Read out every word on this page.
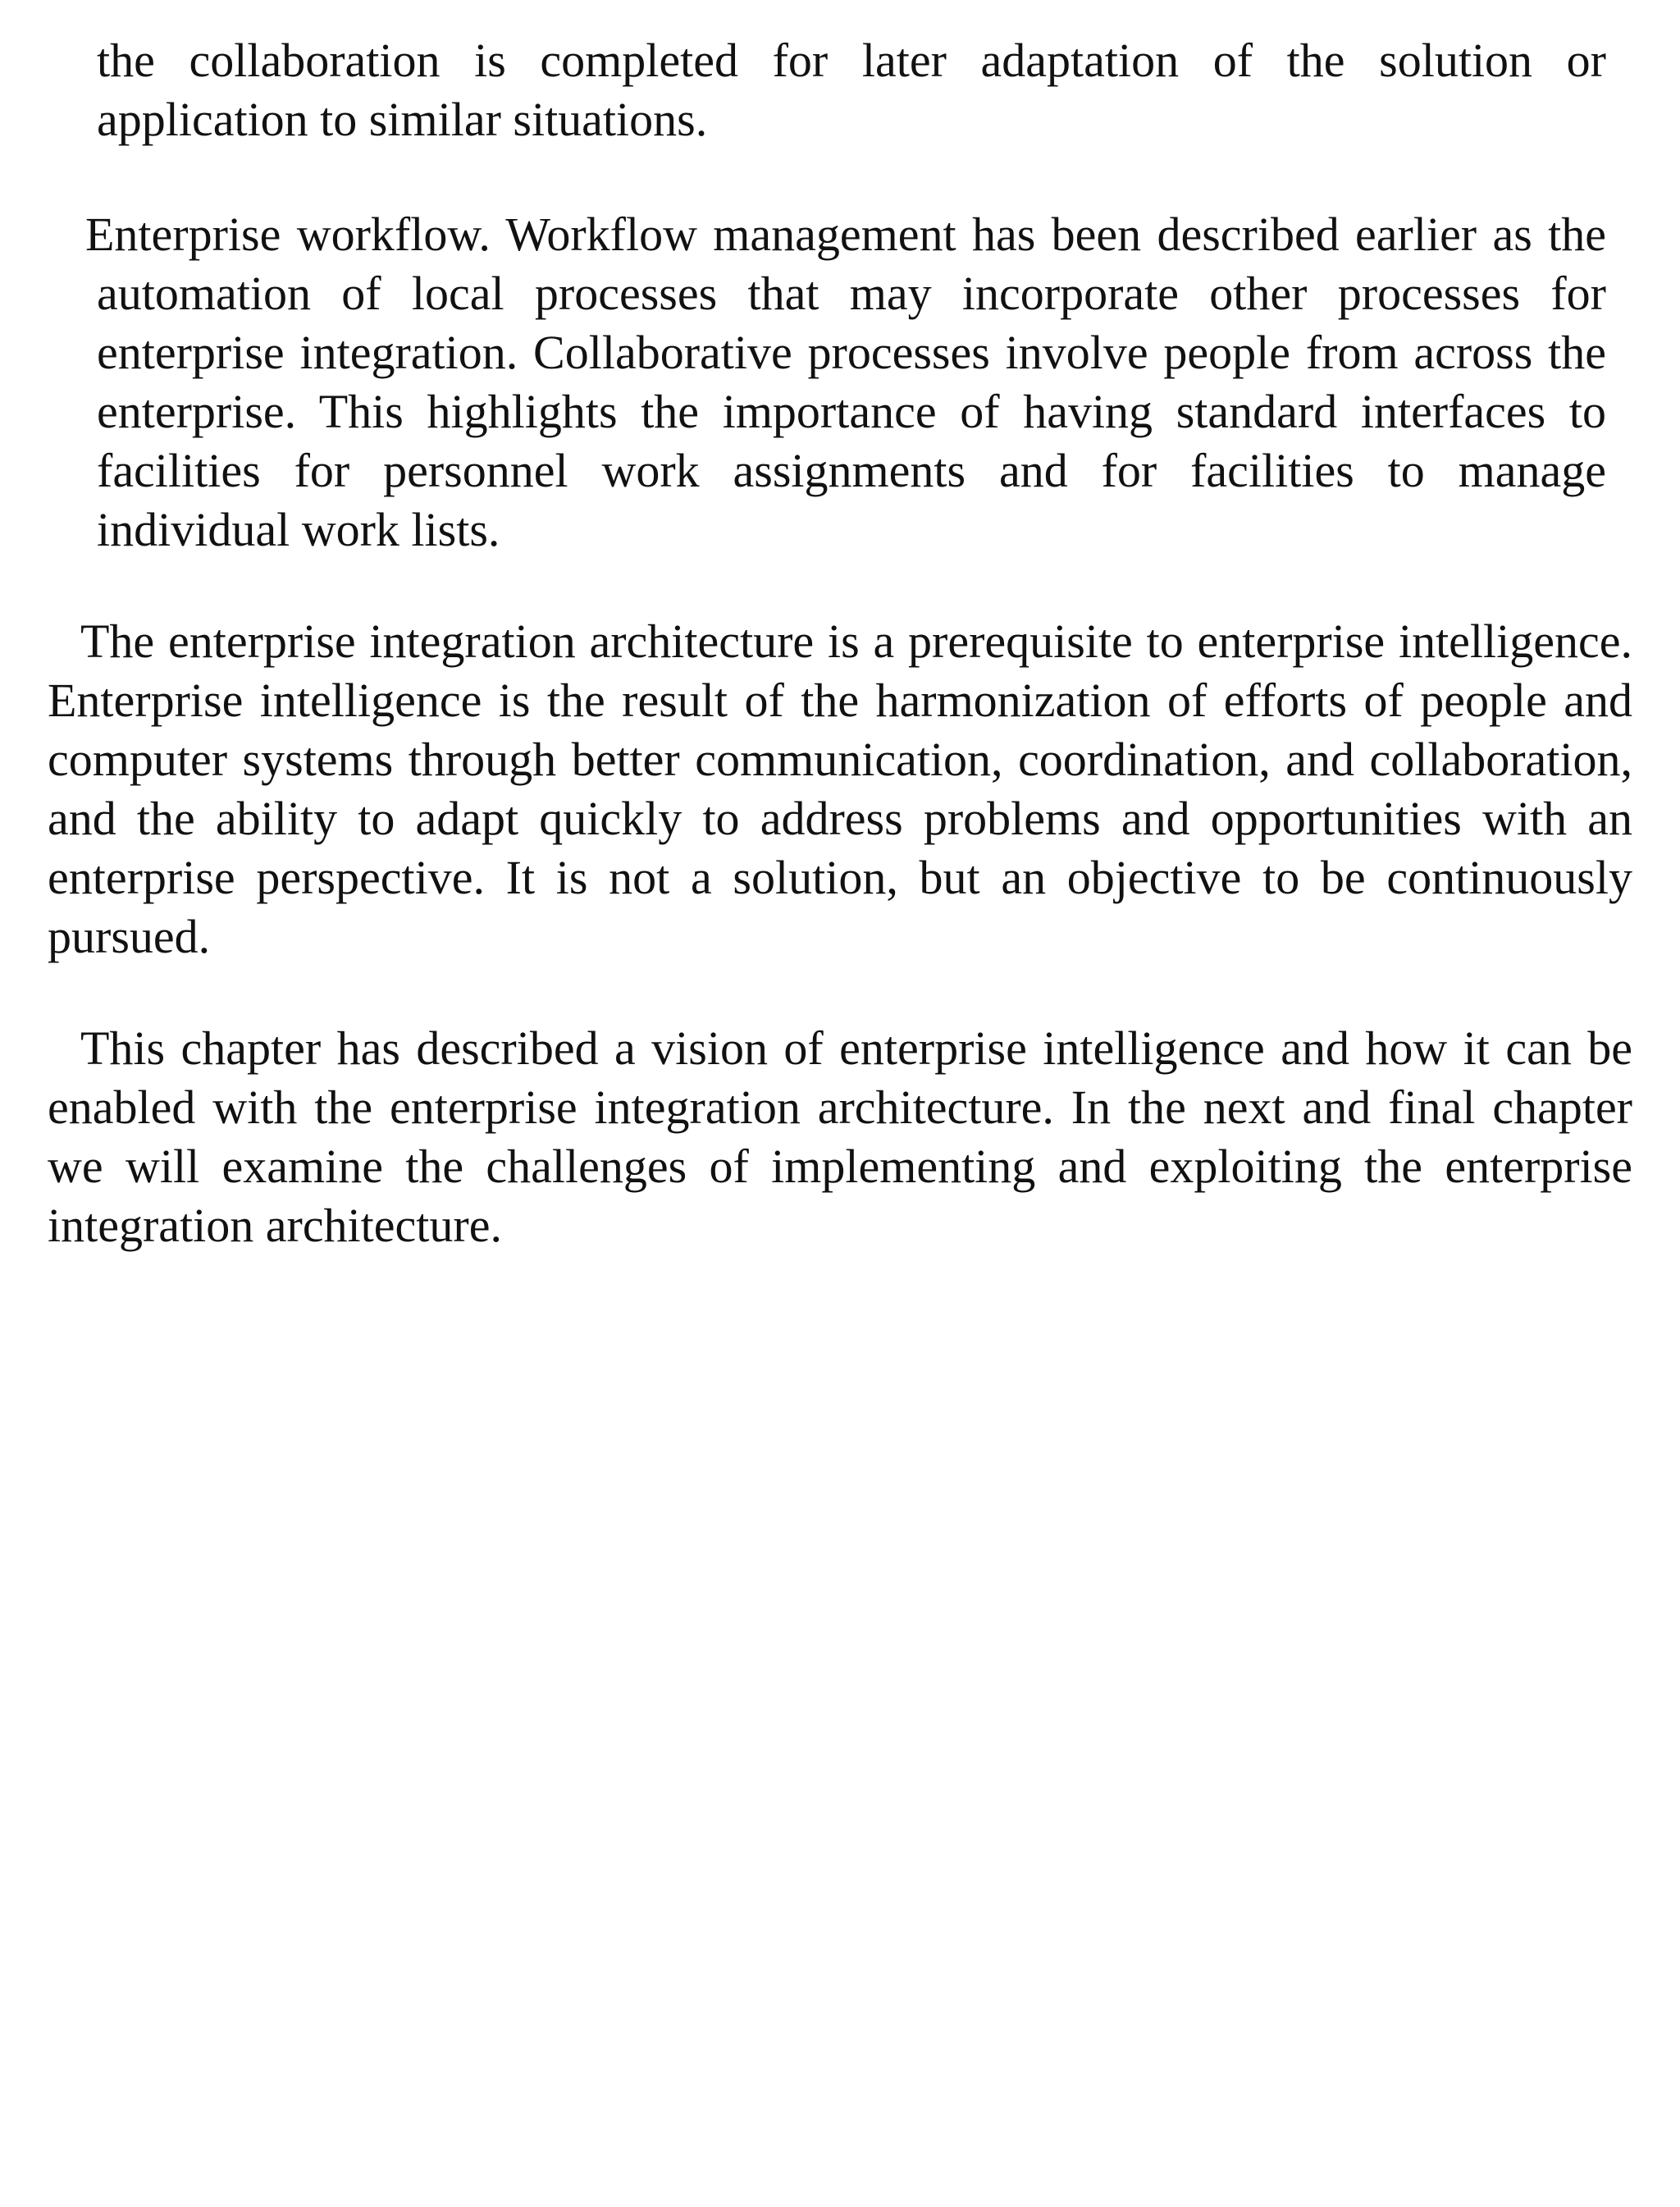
the collaboration is completed for later adaptation of the solution or application to similar situations.

Enterprise workflow. Workflow management has been described earlier as the automation of local processes that may incorporate other processes for enterprise integration. Collaborative processes involve people from across the enterprise. This highlights the importance of having standard interfaces to facilities for personnel work assignments and for facilities to manage individual work lists.

The enterprise integration architecture is a prerequisite to enterprise intelligence. Enterprise intelligence is the result of the harmonization of efforts of people and computer systems through better communication, coordination, and collaboration, and the ability to adapt quickly to address problems and opportunities with an enterprise perspective. It is not a solution, but an objective to be continuously pursued.

This chapter has described a vision of enterprise intelligence and how it can be enabled with the enterprise integration architecture. In the next and final chapter we will examine the challenges of implementing and exploiting the enterprise integration architecture.
